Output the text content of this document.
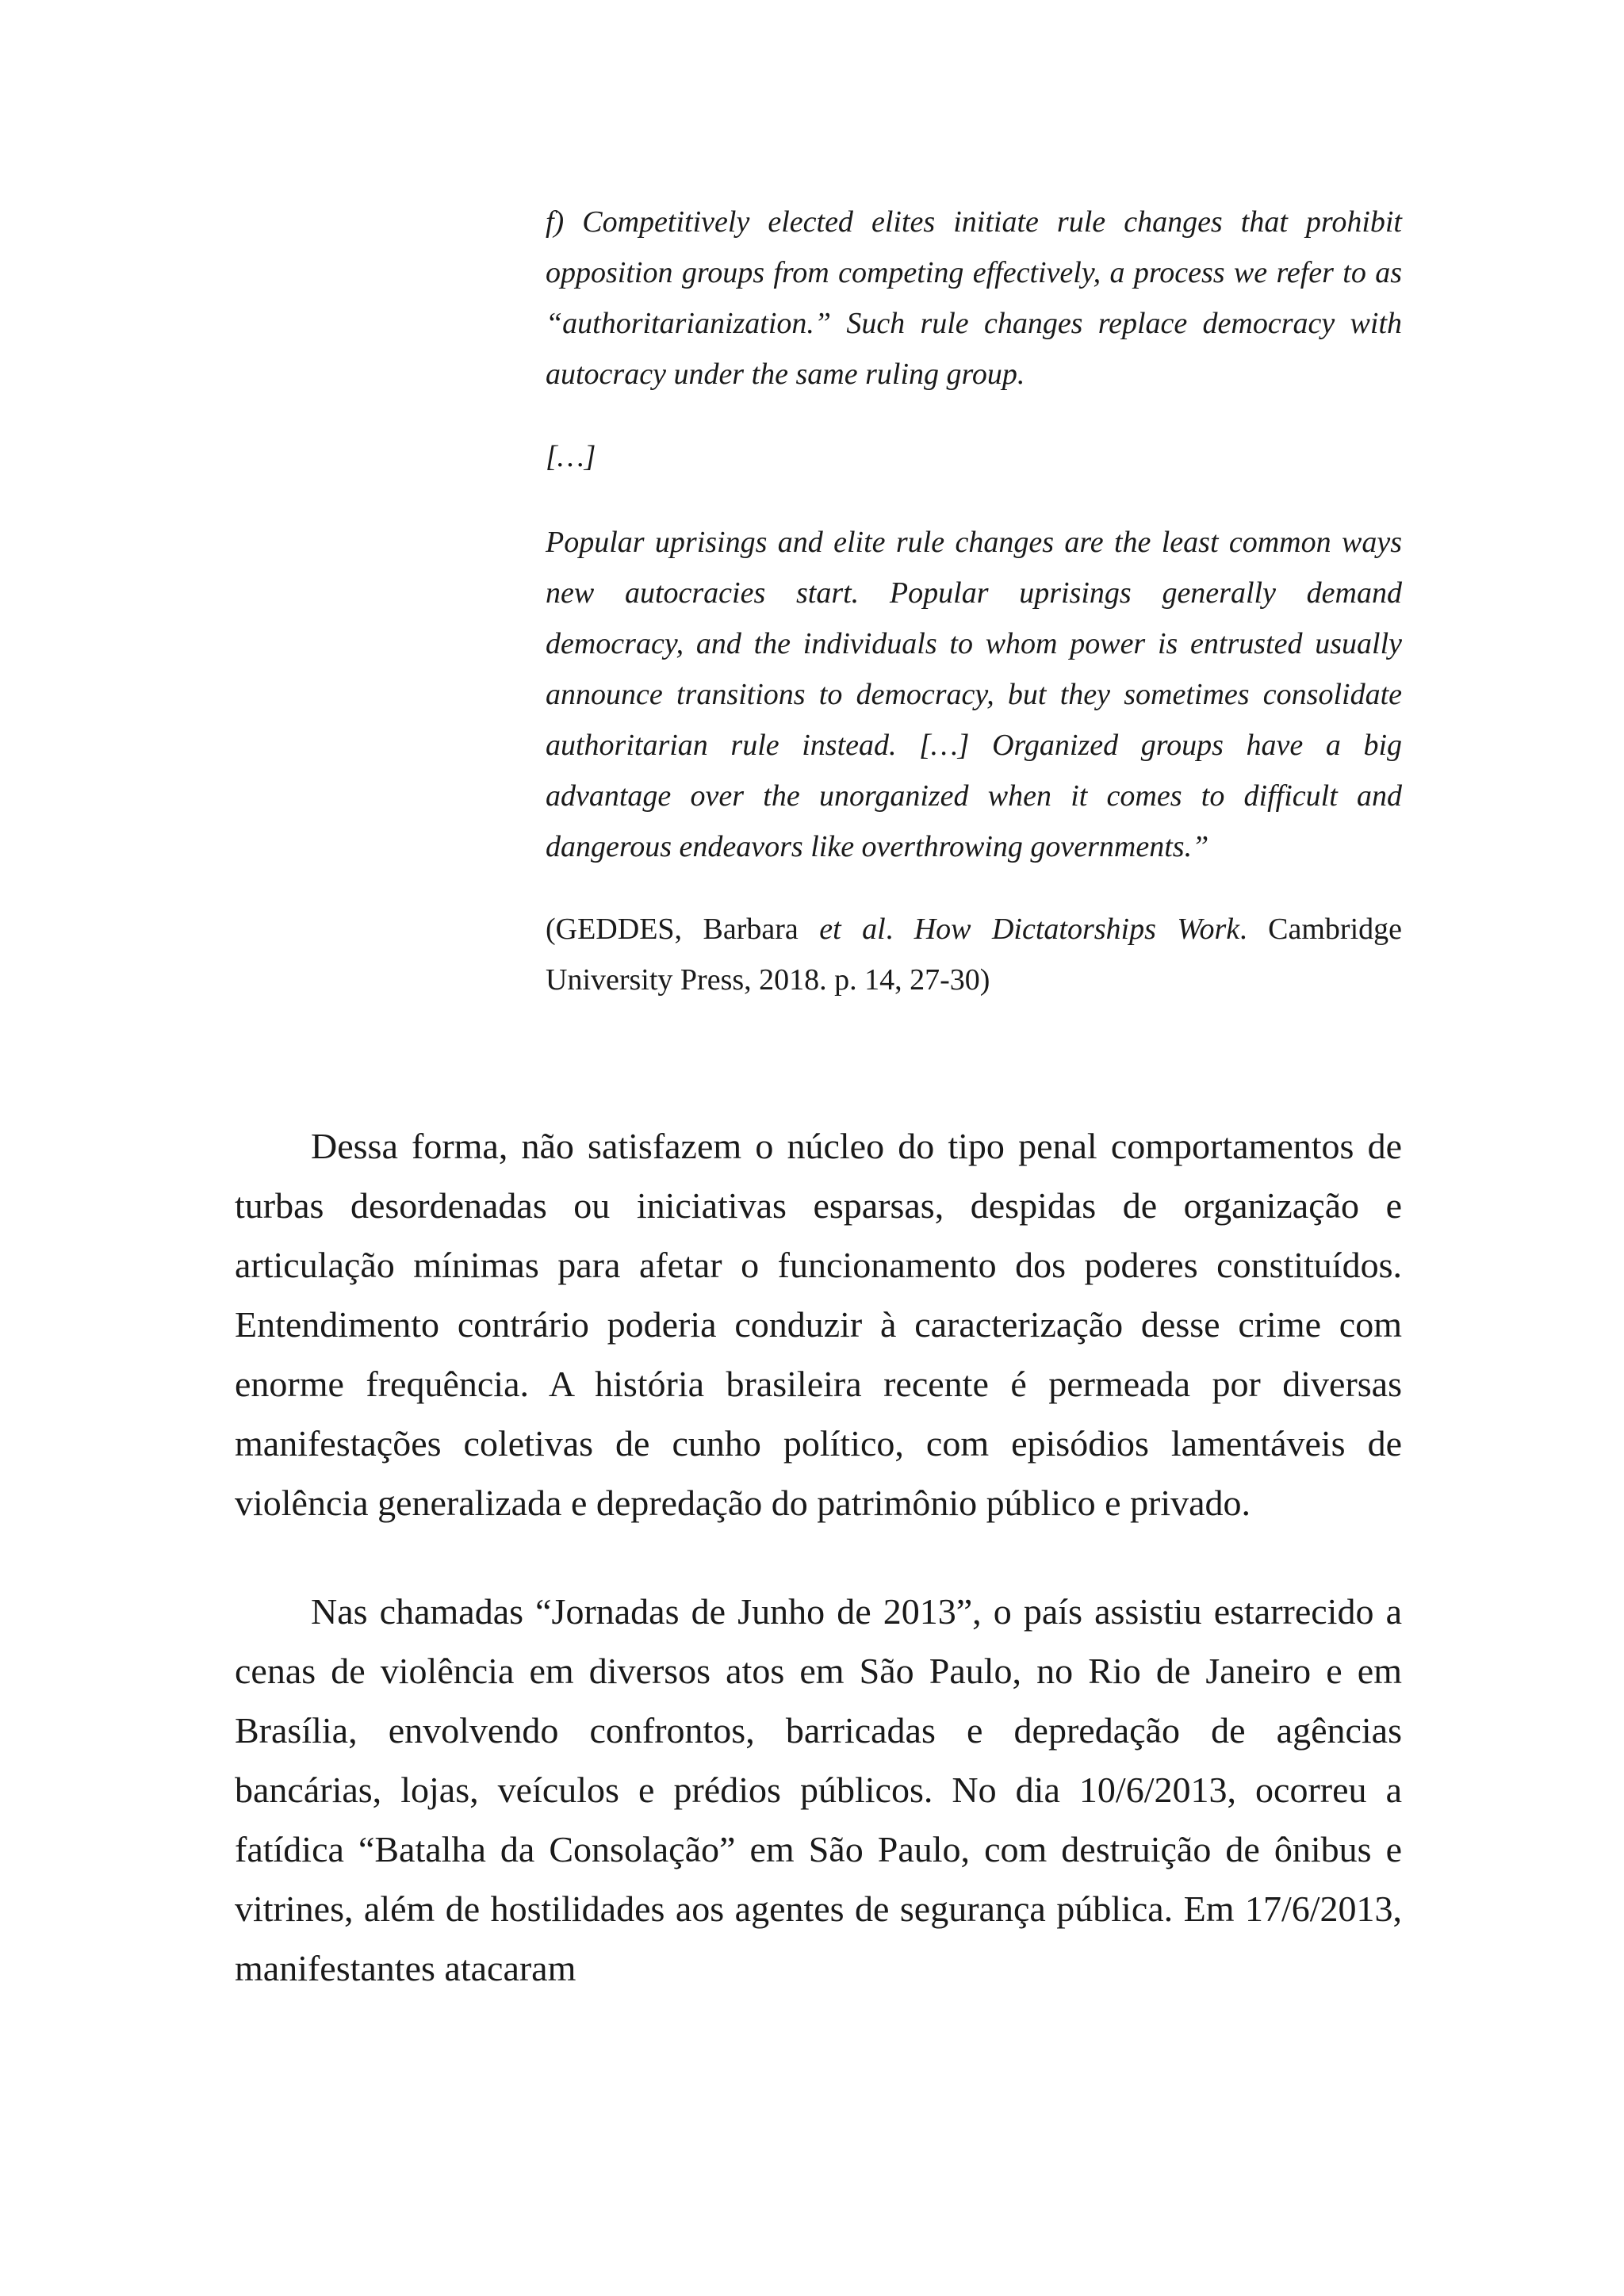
f) Competitively elected elites initiate rule changes that prohibit opposition groups from competing effectively, a process we refer to as “authoritarianization.” Such rule changes replace democracy with autocracy under the same ruling group.

[…]

Popular uprisings and elite rule changes are the least common ways new autocracies start. Popular uprisings generally demand democracy, and the individuals to whom power is entrusted usually announce transitions to democracy, but they sometimes consolidate authoritarian rule instead. […] Organized groups have a big advantage over the unorganized when it comes to difficult and dangerous endeavors like overthrowing governments.”

(GEDDES, Barbara et al. How Dictatorships Work. Cambridge University Press, 2018. p. 14, 27-30)

Dessa forma, não satisfazem o núcleo do tipo penal comportamentos de turbas desordenadas ou iniciativas esparsas, despidas de organização e articulação mínimas para afetar o funcionamento dos poderes constituídos. Entendimento contrário poderia conduzir à caracterização desse crime com enorme frequência. A história brasileira recente é permeada por diversas manifestações coletivas de cunho político, com episódios lamentáveis de violência generalizada e depredação do patrimônio público e privado.

Nas chamadas “Jornadas de Junho de 2013”, o país assistiu estarrecido a cenas de violência em diversos atos em São Paulo, no Rio de Janeiro e em Brasília, envolvendo confrontos, barricadas e depredação de agências bancárias, lojas, veículos e prédios públicos. No dia 10/6/2013, ocorreu a fatídica “Batalha da Consolação” em São Paulo, com destruição de ônibus e vitrines, além de hostilidades aos agentes de segurança pública. Em 17/6/2013, manifestantes atacaram
